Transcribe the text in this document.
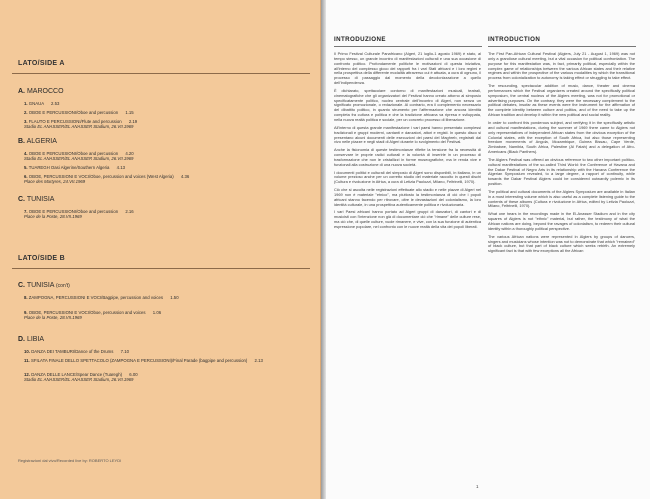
LATO/SIDE A
A. MAROCCO
1. GNAUA 2.53
2. OBOE E PERCUSSIONI/Oboe and percussion 1.15
3. FLAUTO E PERCUSSIONI/Flute and percussion 2.19
Stadio EL ANASSER/EL ANASSER Stadium, 26.VII.1969
B. ALGERIA
4. OBOE E PERCUSSIONI/Oboe and percussion 4.20
Stadio EL ANASSER/EL ANASSER Stadium, 26.VII.1969
5. TUAREGH Oasi Algerine/Southern Algeria 4.13
6. OBOE, PERCUSSIONI E VOCI/Oboe, percussion and voices (West Algeria) 4.36
Place des Martyres, 24.VII.1969
C. TUNISIA
7. OBOE E PERCUSSIONI/Oboe and percussion 2.16
Place de la Poste, 28.VII.1969
LATO/SIDE B
C. TUNISIA (con't)
8. ZAMPOGNA, PERCUSSIONI E VOCI/Bagpipe, percussion and voices 1.50
9. OBOE, PERCUSSIONI E VOCI/Oboe, percussion and voices 1.06
Place de la Poste, 28.VII.1969
D. LIBIA
10. DANZA DEI TAMBURI/Dance of the Drums 7.10
11. SFILATA FINALE DELLO SPETTACOLO (ZAMPOGNA E PERCUSSIONI)/Final Parade (bagpipe and percussion) 2.13
12. DANZA DELLE LANCE/Spear Dance (Tuaregh) 6.00
Stadio EL ANASSER/EL ANASSER Stadium, 26.VII.1969
Registrazioni dal vivo/Recorded live by: ROBERTO LEYDI
INTRODUZIONE	INTRODUCTION

Il Primo Festival Culturale Panafricano (Algeri, 21 luglio-1 agosto 1969) è stato, al tempo stesso, un grande incontro di manifestazioni culturali e una sua occasione di confronto politico. Profondamente politiche le motivazioni di questa iniziativa, all'interno del complesso gioco dei rapporti fra i vari Stati africani e i loro regimi e nella prospettiva della differente modalità attraverso cui è attuata, a cura di ognuno, il processo di passaggio dal momento della decolonizzazione a quello dell'indipendenza.

È dichiarato, spettacolare contorno di manifestazioni musicali, teatrali, cinematografiche che gli organizzatori del Festival hanno creato attorno al simposio specificatamente politico, nucleo centrale dell'incontro di Algeri, non senza un significato promozionale, o redazionale. Al contrario, era il complemento necessario del dibattito politico, in quanto strumento per l'affermazione che ancora identità completa fra cultura e politica e che la tradizione africana va ripresa e sviluppata, nella nuova realtà politica e sociale, per un concreto processo di liberazione.

All'interno di questa grande manifestazione i vari paesi hanno presentato complessi tradizionali e gruppi moderni, cantanti e danzatori, attori e registi. In questo disco si presentano alcuni documenti delle esecuzioni dei paesi del Maghreb, registrati dal vivo nelle piazze e negli stadi di Algeri durante lo svolgimento del Festival.

Anche la fisionomia di queste testimonianze riflette la tensione fra la necessità di conservare le proprie radici culturali e la volontà di inserirle in un processo di trasformazione che non le cristallizzi in forme museografiche, ma le renda vive e funzionali alla costruzione di una nuova società.

I documenti politici e culturali del simposio di Algeri sono disponibili, in italiano, in un volume prezioso anche per un corretto studio del materiale raccolto in questi dischi (Cultura e rivoluzione in Africa, a cura di Letizia Paolozzi, Milano, Feltrinelli, 1970).

Ciò che si ascolta nelle registrazioni effettuate allo stadio e nelle piazze di Algeri nel 1969 non è materiale "etnico", ma piuttosto la testimonianza di ciò che i popoli africani stanno facendo per ritrovare, oltre le devastazioni del colonialismo, la loro identità culturale, in una prospettiva autenticamente politica e rivoluzionaria.

I vari Paesi africani hanno portato ad Algeri gruppi di danzatori, di cantori e di musicisti con l'intenzione non già di documentare ciò che "rimane" delle culture rese, ma ciò che, di quelle culture, vuole rimanere, e vive, con la sua funzione di autentica espressione popolare, nel confronto con le nuove realtà della vita dei popoli liberati.

The First Pan-African Cultural Festival (Algiers, July 21 - August 1, 1969) was not only a grandiose cultural meeting, but a vital occasion for political confrontation. The purpose for this manifestation was, in fact, primarily political, especially within the complex game of relationships between the various African states and their relative regimes and within the prospective of the various modalities by which the transitional process from colonialization to autonomy is taking effect or struggling to take effect.

The resounding, spectacular addition of music, dance, theater and cinema performances which the Festival organizers created around the specifically political symposium, the central nucleus of the Algiers meeting, was not for promotional or advertising purposes. On the contrary, they were the necessary complement to the political debates, insofar as these events were the instrument for the affirmation of the complete identity between culture and politics, and of the need to take up the African tradition and develop it within the new political and social reality.

In order to confront this ponderous subject, and verifying it in the specifically artistic and cultural manifestations, during the summer of 1969 there came to Algiers not only representatives of independent African states from the obvious exception of the Colonial states, with the exception of South Africa, but also those representing freedom movements of Angola, Mozambique, Guinea Bissau, Cape Verde, Zimbabwe, Namibia, South Africa, Palestine (Al Fatah) and a delegation of Afro-Americans (Black Panthers).

The Algiers Festival was offered an obvious reference to two other important politico-cultural manifestations of the so-called Third World: the Conference of Havana and the Dakar Festival of Negro Arts in its relationship with the Havana Conference the Algerian Symposium revealed, to a large degree, a rapport of continuity, while towards the Dakar Festival Algiers could be considered outwardly polemic in its position.

The political and cultural documents of the Algiers Symposium are available in Italian in a most interesting volume which is also useful as a complete listening guide to the contents of these albums (Cultura e rivoluzione in Africa, edited by Letizia Paolozzi, Milano, Feltrinelli, 1970).

What one hears in the recordings made in the El-Anasser Stadium and in the city squares of Algiers is not "ethnic" material, but rather, the testimony of what the African nations are doing, beyond the ravages of colonialism, to redeem their cultural identity within a thoroughly political perspective.

The various African nations were represented in Algiers by groups of dancers, singers and musicians whose intention was not to demonstrate that which "remained" of black culture, but that part of black culture which seeks rebirth. An extremely significant fact is that with few exceptions all the African

1
